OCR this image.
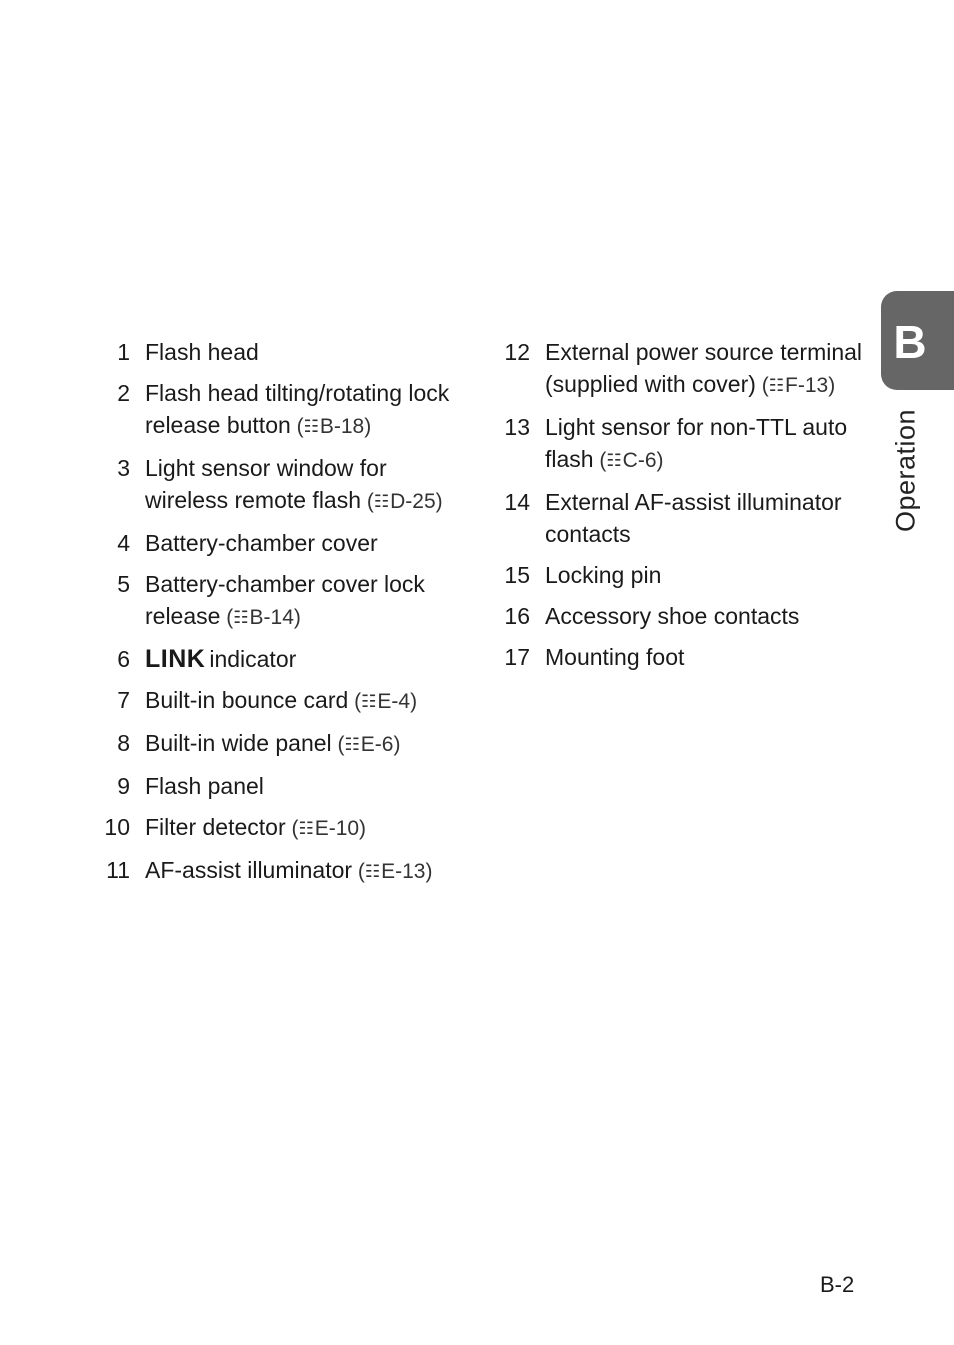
B
Operation
1 Flash head
2 Flash head tilting/rotating lock release button (☷B-18)
3 Light sensor window for wireless remote flash (☷D-25)
4 Battery-chamber cover
5 Battery-chamber cover lock release (☷B-14)
6 LINK indicator
7 Built-in bounce card (☷E-4)
8 Built-in wide panel (☷E-6)
9 Flash panel
10 Filter detector (☷E-10)
11 AF-assist illuminator (☷E-13)
12 External power source terminal (supplied with cover) (☷F-13)
13 Light sensor for non-TTL auto flash (☷C-6)
14 External AF-assist illuminator contacts
15 Locking pin
16 Accessory shoe contacts
17 Mounting foot
B-2
